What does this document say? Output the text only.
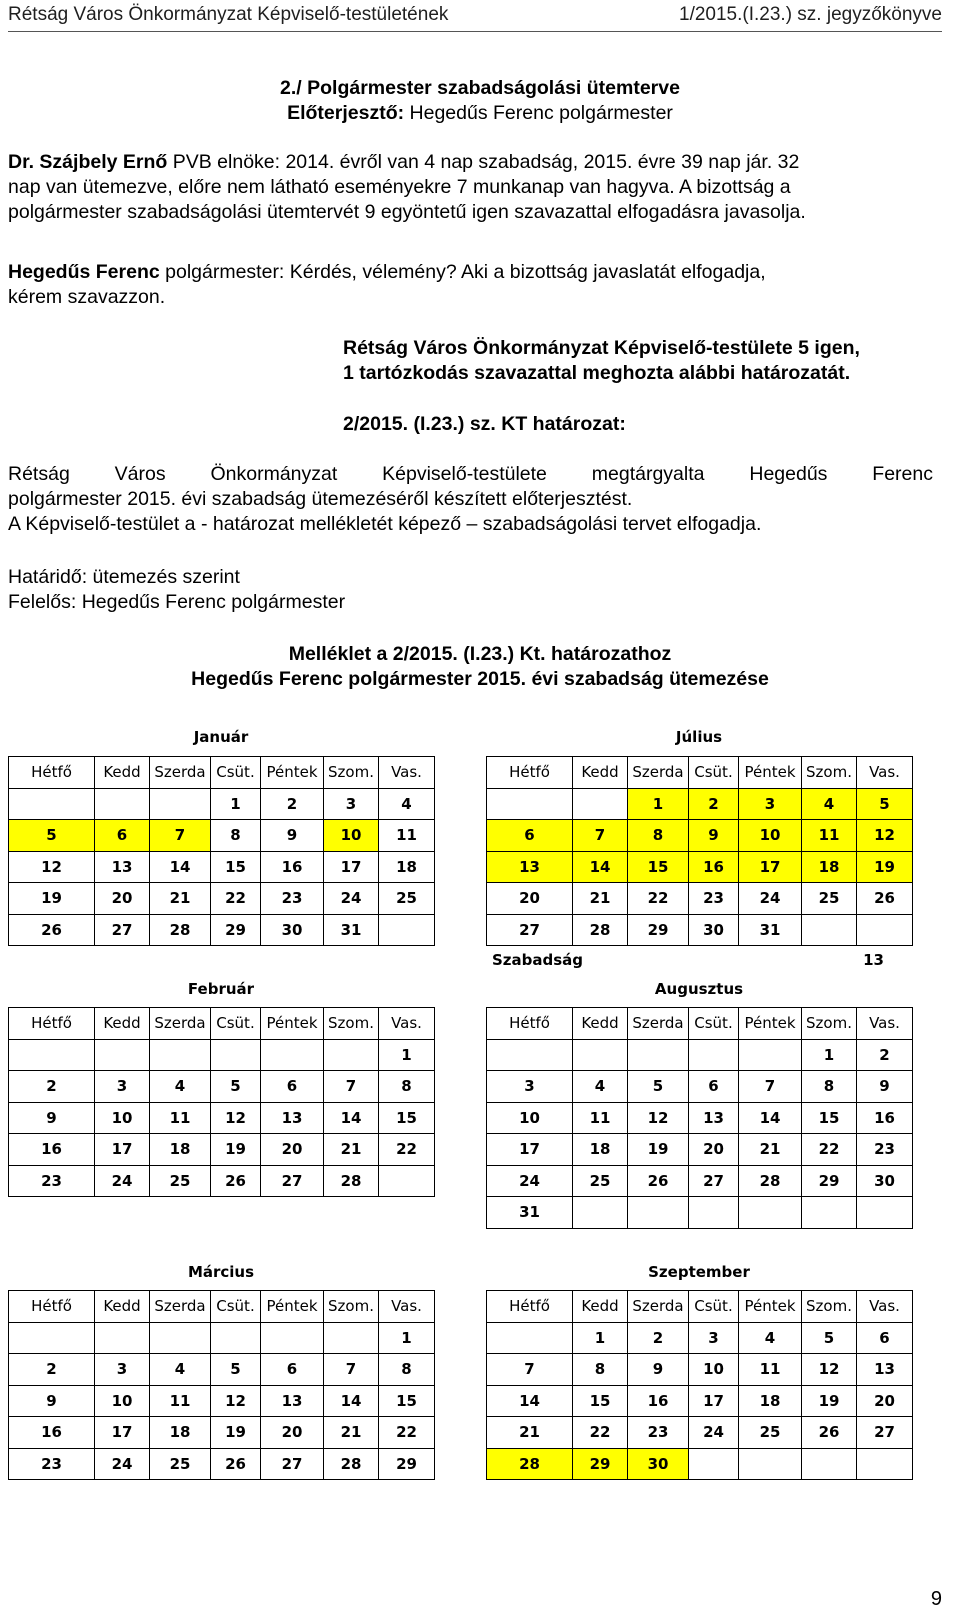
Rétság Város Önkormányzat Képviselő-testületének	1/2015.(I.23.) sz. jegyzőkönyve
2./ Polgármester szabadságolási ütemterve
Előterjesztő: Hegedűs Ferenc polgármester
Dr. Szájbely Ernő PVB elnöke: 2014. évről van 4 nap szabadság, 2015. évre 39 nap jár. 32
nap van ütemezve, előre nem látható eseményekre 7 munkanap van hagyva. A bizottság a
polgármester szabadságolási ütemtervét 9 egyöntetű igen szavazattal elfogadásra javasolja.
Hegedűs Ferenc polgármester: Kérdés, vélemény? Aki a bizottság javaslatát elfogadja,
kérem szavazzon.
Rétság Város Önkormányzat Képviselő-testülete 5 igen,
1 tartózkodás szavazattal meghozta alábbi határozatát.
2/2015. (I.23.) sz. KT határozat:
Rétság Város Önkormányzat Képviselő-testülete megtárgyalta Hegedűs Ferenc
polgármester 2015. évi szabadság ütemezéséről készített előterjesztést.
A Képviselő-testület a - határozat mellékletét képező – szabadságolási tervet elfogadja.
Határidő: ütemezés szerint
Felelős: Hegedűs Ferenc polgármester
Melléklet a 2/2015. (I.23.) Kt. határozathoz
Hegedűs Ferenc polgármester 2015. évi szabadság ütemezése
Január
Hétfő	Kedd	Szerda	Csüt.	Péntek	Szom.	Vas.
			1	2	3	4
5	6	7	8	9	10	11
12	13	14	15	16	17	18
19	20	21	22	23	24	25
26	27	28	29	30	31	
Július
Hétfő	Kedd	Szerda	Csüt.	Péntek	Szom.	Vas.
		1	2	3	4	5
6	7	8	9	10	11	12
13	14	15	16	17	18	19
20	21	22	23	24	25	26
27	28	29	30	31		
Február
Hétfő	Kedd	Szerda	Csüt.	Péntek	Szom.	Vas.
						1
2	3	4	5	6	7	8
9	10	11	12	13	14	15
16	17	18	19	20	21	22
23	24	25	26	27	28	
Augusztus
Hétfő	Kedd	Szerda	Csüt.	Péntek	Szom.	Vas.
					1	2
3	4	5	6	7	8	9
10	11	12	13	14	15	16
17	18	19	20	21	22	23
24	25	26	27	28	29	30
31						
Március
Hétfő	Kedd	Szerda	Csüt.	Péntek	Szom.	Vas.
						1
2	3	4	5	6	7	8
9	10	11	12	13	14	15
16	17	18	19	20	21	22
23	24	25	26	27	28	29
Szeptember
Hétfő	Kedd	Szerda	Csüt.	Péntek	Szom.	Vas.
	1	2	3	4	5	6
7	8	9	10	11	12	13
14	15	16	17	18	19	20
21	22	23	24	25	26	27
28	29	30				
Szabadság	13
9
